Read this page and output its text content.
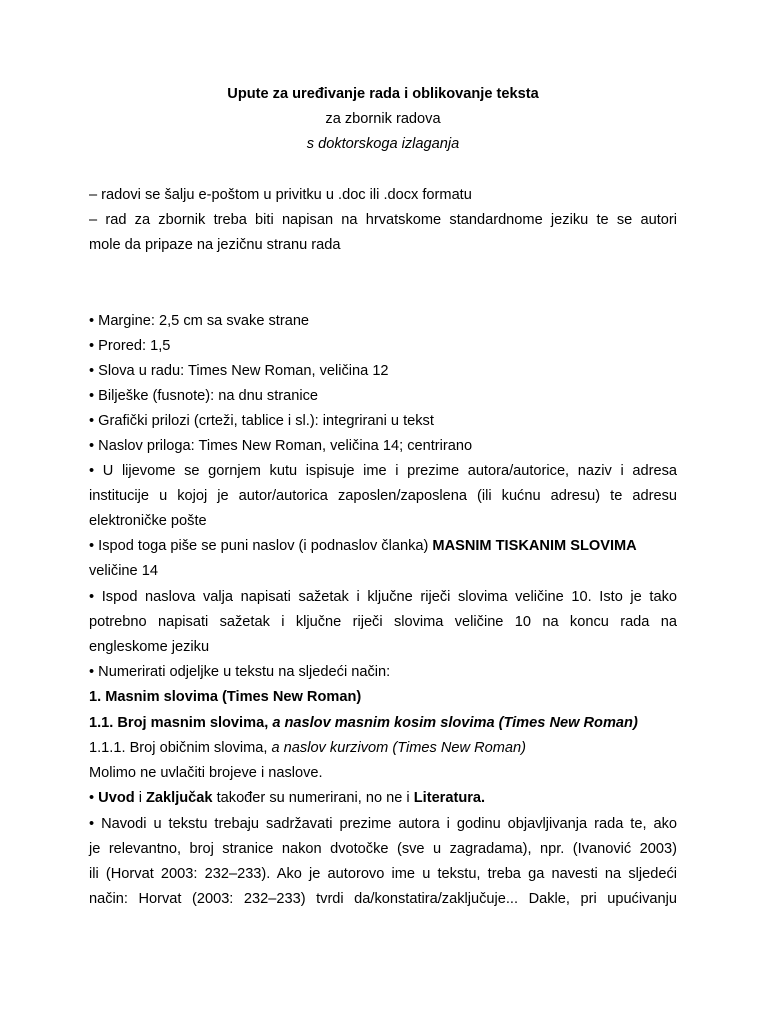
Upute za uređivanje rada i oblikovanje teksta
za zbornik radova
s doktorskoga izlaganja
– radovi se šalju e-poštom u privitku u .doc ili .docx formatu
– rad za zbornik treba biti napisan na hrvatskome standardnome jeziku te se autori
mole da pripaze na jezičnu stranu rada
• Margine: 2,5 cm sa svake strane
• Prored: 1,5
• Slova u radu: Times New Roman, veličina 12
• Bilješke (fusnote): na dnu stranice
• Grafički prilozi (crteži, tablice i sl.): integrirani u tekst
• Naslov priloga: Times New Roman, veličina 14; centrirano
• U lijevome se gornjem kutu ispisuje ime i prezime autora/autorice, naziv i adresa
institucije u kojoj je autor/autorica zaposlen/zaposlena (ili kućnu adresu) te adresu
elektroničke pošte
• Ispod toga piše se puni naslov (i podnaslov članka) MASNIM TISKANIM SLOVIMA
veličine 14
• Ispod naslova valja napisati sažetak i ključne riječi slovima veličine 10. Isto je tako
potrebno napisati sažetak i ključne riječi slovima veličine 10 na koncu rada na
engleskome jeziku
• Numerirati odjeljke u tekstu na sljedeći način:
1. Masnim slovima (Times New Roman)
1.1. Broj masnim slovima, a naslov masnim kosim slovima (Times New Roman)
1.1.1. Broj običnim slovima, a naslov kurzivom (Times New Roman)
Molimo ne uvlačiti brojeve i naslove.
• Uvod i Zaključak također su numerirani, no ne i Literatura.
• Navodi u tekstu trebaju sadržavati prezime autora i godinu objavljivanja rada te, ako
je relevantno, broj stranice nakon dvotočke (sve u zagradama), npr. (Ivanović 2003)
ili (Horvat 2003: 232–233). Ako je autorovo ime u tekstu, treba ga navesti na sljedeći
način: Horvat (2003: 232–233) tvrdi da/konstatira/zaključuje... Dakle, pri upućivanju
